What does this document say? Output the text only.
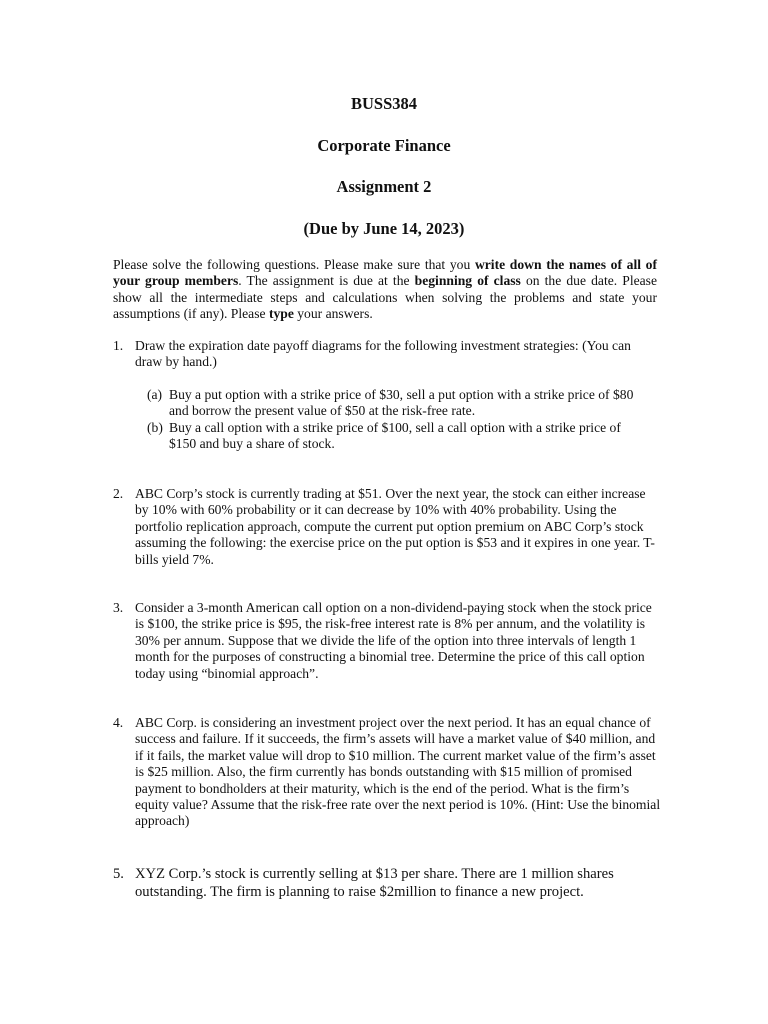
BUSS384
Corporate Finance
Assignment 2
(Due by June 14, 2023)
Please solve the following questions. Please make sure that you write down the names of all of your group members. The assignment is due at the beginning of class on the due date. Please show all the intermediate steps and calculations when solving the problems and state your assumptions (if any). Please type your answers.
1. Draw the expiration date payoff diagrams for the following investment strategies: (You can draw by hand.)
(a) Buy a put option with a strike price of $30, sell a put option with a strike price of $80 and borrow the present value of $50 at the risk-free rate.
(b) Buy a call option with a strike price of $100, sell a call option with a strike price of $150 and buy a share of stock.
2. ABC Corp’s stock is currently trading at $51. Over the next year, the stock can either increase by 10% with 60% probability or it can decrease by 10% with 40% probability. Using the portfolio replication approach, compute the current put option premium on ABC Corp’s stock assuming the following: the exercise price on the put option is $53 and it expires in one year. T-bills yield 7%.
3. Consider a 3-month American call option on a non-dividend-paying stock when the stock price is $100, the strike price is $95, the risk-free interest rate is 8% per annum, and the volatility is 30% per annum. Suppose that we divide the life of the option into three intervals of length 1 month for the purposes of constructing a binomial tree. Determine the price of this call option today using “binomial approach”.
4. ABC Corp. is considering an investment project over the next period. It has an equal chance of success and failure. If it succeeds, the firm’s assets will have a market value of $40 million, and if it fails, the market value will drop to $10 million. The current market value of the firm’s asset is $25 million. Also, the firm currently has bonds outstanding with $15 million of promised payment to bondholders at their maturity, which is the end of the period. What is the firm’s equity value? Assume that the risk-free rate over the next period is 10%. (Hint: Use the binomial approach)
5. XYZ Corp.’s stock is currently selling at $13 per share. There are 1 million shares outstanding. The firm is planning to raise $2million to finance a new project.
